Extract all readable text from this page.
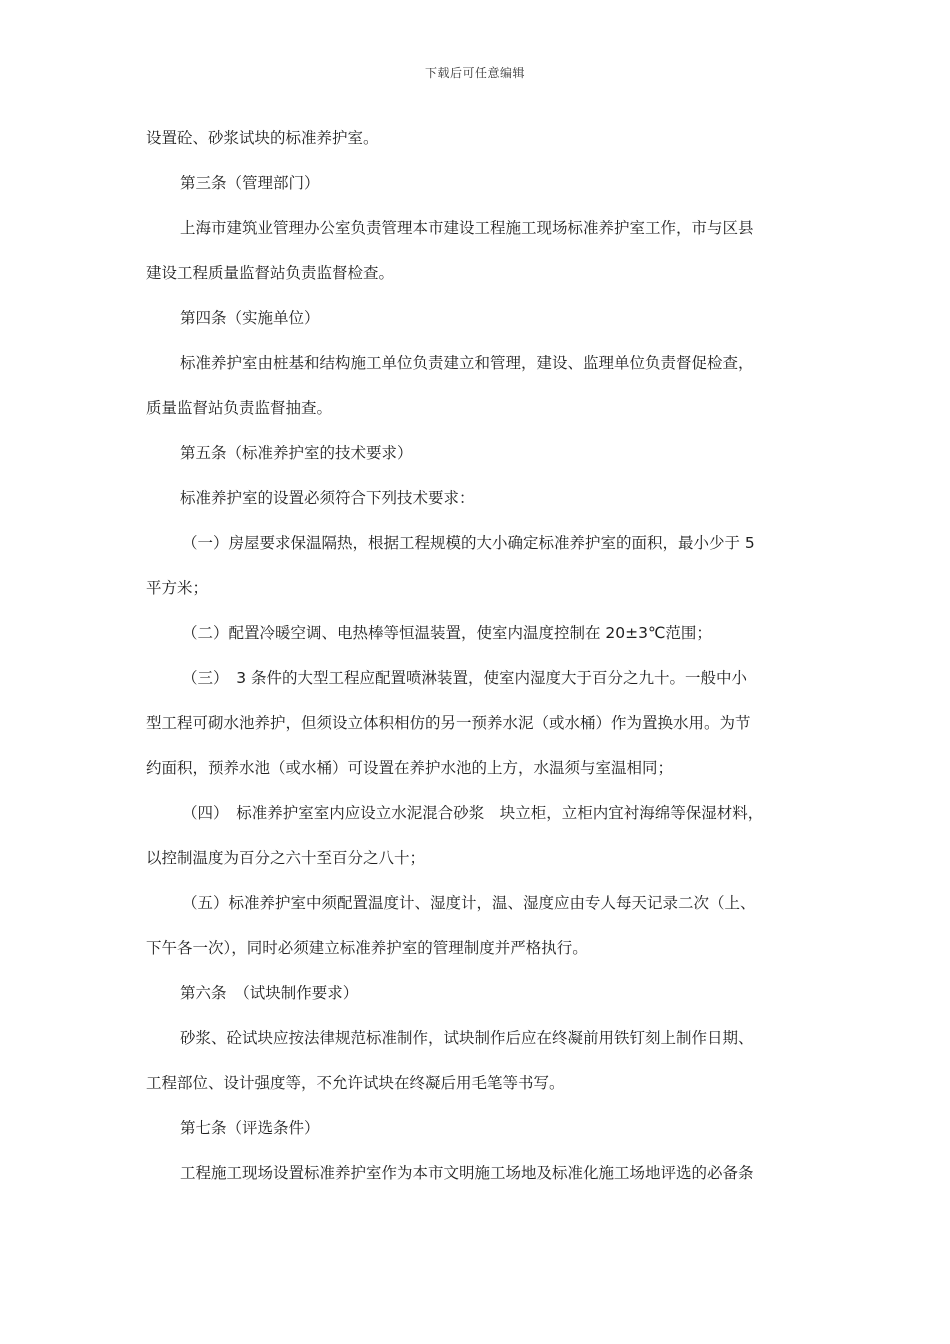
下载后可任意编辑
设置砼、砂浆试块的标准养护室。
第三条（管理部门）
上海市建筑业管理办公室负责管理本市建设工程施工现场标准养护室工作，市与区县
建设工程质量监督站负责监督检查。
第四条（实施单位）
标准养护室由桩基和结构施工单位负责建立和管理，建设、监理单位负责督促检查，
质量监督站负责监督抽查。
第五条（标准养护室的技术要求）
标准养护室的设置必须符合下列技术要求：
（一）房屋要求保温隔热，根据工程规模的大小确定标准养护室的面积，最小少于 5
平方米；
（二）配置冷暖空调、电热棒等恒温装置，使室内温度控制在 20±3℃范围；
（三）　3 条件的大型工程应配置喷淋装置，使室内湿度大于百分之九十。一般中小
型工程可砌水池养护，但须设立体积相仿的另一预养水泥（或水桶）作为置换水用。为节
约面积，预养水池（或水桶）可设置在养护水池的上方，水温须与室温相同；
（四）　标准养护室室内应设立水泥混合砂浆　块立柜，立柜内宜衬海绵等保湿材料，
以控制温度为百分之六十至百分之八十；
（五）标准养护室中须配置温度计、湿度计，温、湿度应由专人每天记录二次（上、
下午各一次），同时必须建立标准养护室的管理制度并严格执行。
第六条　（试块制作要求）
砂浆、砼试块应按法律规范标准制作，试块制作后应在终凝前用铁钉刻上制作日期、
工程部位、设计强度等，不允许试块在终凝后用毛笔等书写。
第七条（评选条件）
工程施工现场设置标准养护室作为本市文明施工场地及标准化施工场地评选的必备条
